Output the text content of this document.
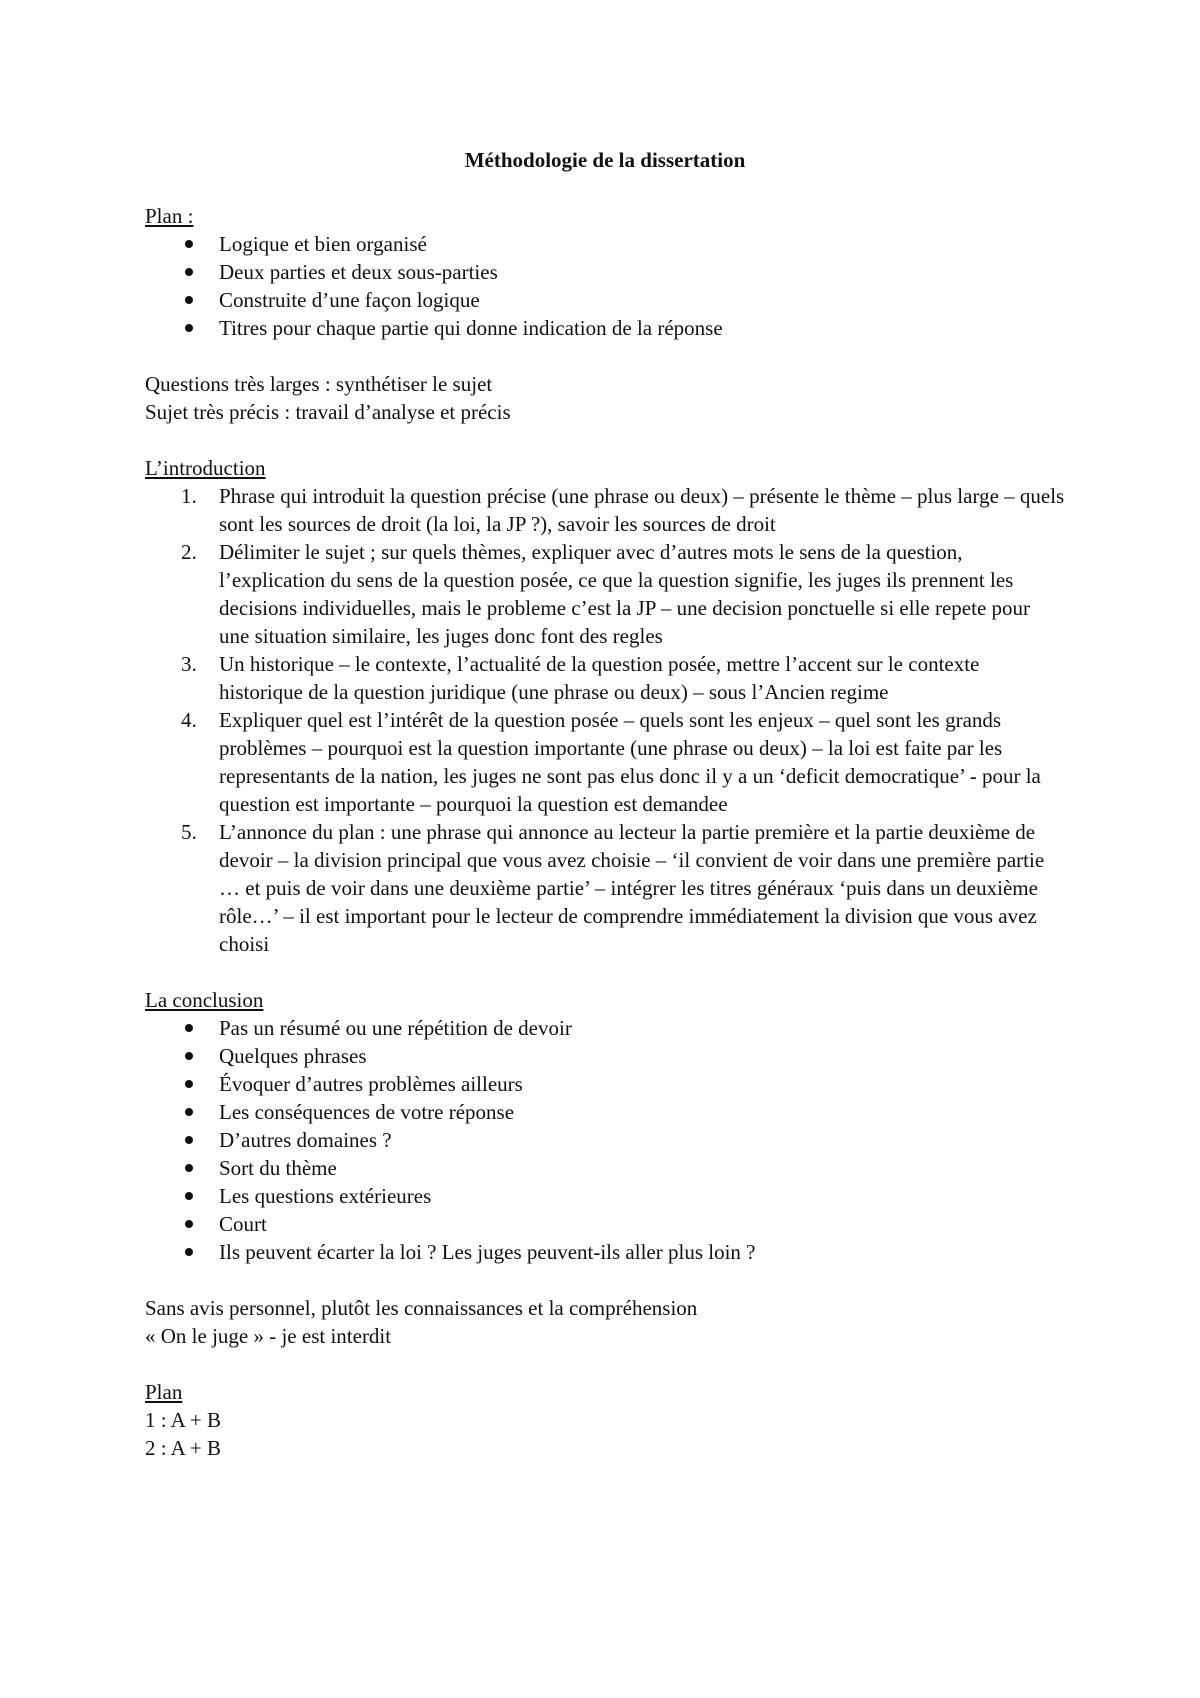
Méthodologie de la dissertation

Plan :

Logique et bien organisé
Deux parties et deux sous-parties
Construite d’une façon logique
Titres pour chaque partie qui donne indication de la réponse

Questions très larges : synthétiser le sujet

Sujet très précis : travail d’analyse et précis

L’introduction

1.	Phrase qui introduit la question précise (une phrase ou deux) – présente le thème – plus large – quels sont les sources de droit (la loi, la JP ?), savoir les sources de droit
2.	Délimiter le sujet ; sur quels thèmes, expliquer avec d’autres mots le sens de la question, l’explication du sens de la question posée, ce que la question signifie, les juges ils prennent les decisions individuelles, mais le probleme c’est la JP – une decision ponctuelle si elle repete pour une situation similaire, les juges donc font des regles
3.	Un historique – le contexte, l’actualité de la question posée, mettre l’accent sur le contexte historique de la question juridique (une phrase ou deux) – sous l’Ancien regime
4.	Expliquer quel est l’intérêt de la question posée – quels sont les enjeux – quel sont les grands problèmes – pourquoi est la question importante (une phrase ou deux) – la loi est faite par les representants de la nation, les juges ne sont pas elus donc il y a un ‘deficit democratique’ - pour la question est importante – pourquoi la question est demandee
5.	L’annonce du plan : une phrase qui annonce au lecteur la partie première et la partie deuxième de devoir – la division principal que vous avez choisie – ‘il convient de voir dans une première partie … et puis de voir dans une deuxième partie’ – intégrer les titres généraux ‘puis dans un deuxième rôle…’ – il est important pour le lecteur de comprendre immédiatement la division que vous avez choisi

La conclusion

Pas un résumé ou une répétition de devoir
Quelques phrases
Évoquer d’autres problèmes ailleurs
Les conséquences de votre réponse
D’autres domaines ?
Sort du thème
Les questions extérieures
Court
Ils peuvent écarter la loi ? Les juges peuvent-ils aller plus loin ?

Sans avis personnel, plutôt les connaissances et la compréhension

« On le juge » - je est interdit

Plan

1 : A + B

2 : A + B
